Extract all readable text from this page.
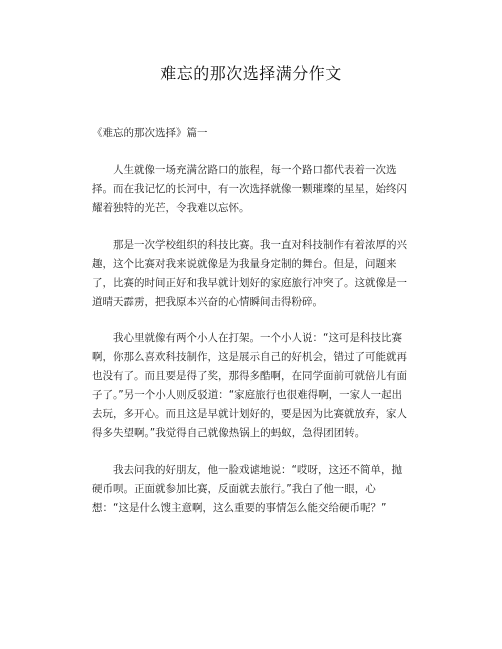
难忘的那次选择满分作文
《难忘的那次选择》篇一

人生就像一场充满岔路口的旅程，每一个路口都代表着一次选择。而在我记忆的长河中，有一次选择就像一颗璀璨的星星，始终闪耀着独特的光芒，令我难以忘怀。

那是一次学校组织的科技比赛。我一直对科技制作有着浓厚的兴趣，这个比赛对我来说就像是为我量身定制的舞台。但是，问题来了，比赛的时间正好和我早就计划好的家庭旅行冲突了。这就像是一道晴天霹雳，把我原本兴奋的心情瞬间击得粉碎。

我心里就像有两个小人在打架。一个小人说：“这可是科技比赛啊，你那么喜欢科技制作，这是展示自己的好机会，错过了可能就再也没有了。而且要是得了奖，那得多酷啊，在同学面前可就倍儿有面子了。”另一个小人则反驳道：“家庭旅行也很难得啊，一家人一起出去玩，多开心。而且这是早就计划好的，要是因为比赛就放弃，家人得多失望啊。”我觉得自己就像热锅上的蚂蚁，急得团团转。

我去问我的好朋友，他一脸戏谑地说：“哎呀，这还不简单，抛硬币呗。正面就参加比赛，反面就去旅行。”我白了他一眼，心想：“这是什么馊主意啊，这么重要的事情怎么能交给硬币呢？”
